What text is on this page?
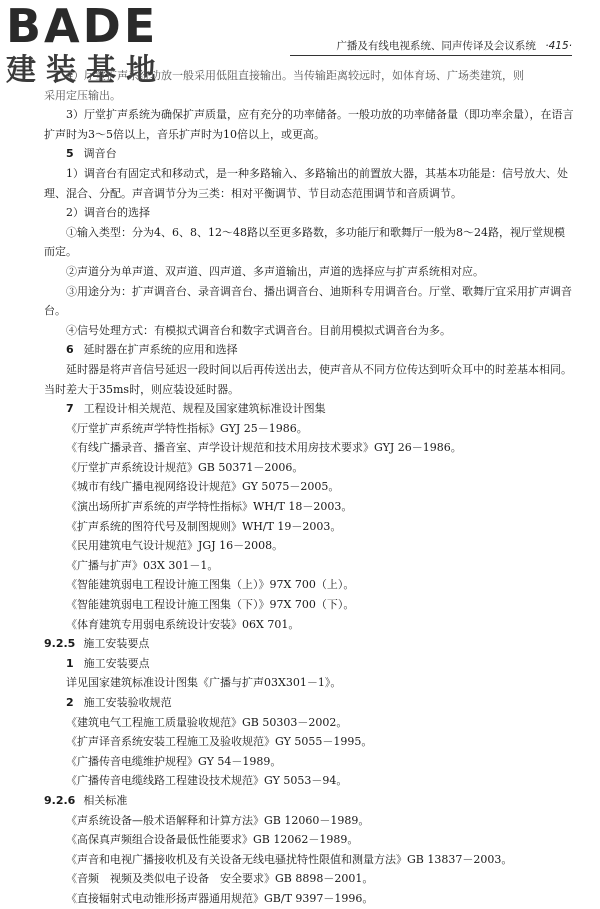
BADE
建装基地
广播及有线电视系统、同声传译及会议系统 ·415·

4）厅堂扩声系统功放一般采用低阻直接输出。当传输距离较远时，如体育场、广场类建筑，则

采用定压输出。

3）厅堂扩声系统为确保扩声质量，应有充分的功率储备。一般功放的功率储备量（即功率余量），在语言扩声时为3～5倍以上，音乐扩声时为10倍以上，或更高。

5 调音台

1）调音台有固定式和移动式，是一种多路输入、多路输出的前置放大器，其基本功能是：信号放大、处理、混合、分配。声音调节分为三类：相对平衡调节、节目动态范围调节和音质调节。

2）调音台的选择

①输入类型：分为4、6、8、12～48路以至更多路数，多功能厅和歌舞厅一般为8～24路，视厅堂规模而定。

②声道分为单声道、双声道、四声道、多声道输出，声道的选择应与扩声系统相对应。

③用途分为：扩声调音台、录音调音台、播出调音台、迪斯科专用调音台。厅堂、歌舞厅宜采用扩声调音台。

④信号处理方式：有模拟式调音台和数字式调音台。目前用模拟式调音台为多。

6 延时器在扩声系统的应用和选择

延时器是将声音信号延迟一段时间以后再传送出去，使声音从不同方位传达到听众耳中的时差基本相同。当时差大于35ms时，则应装设延时器。

7 工程设计相关规范、规程及国家建筑标准设计图集

《厅堂扩声系统声学特性指标》GYJ 25－1986。

《有线广播录音、播音室、声学设计规范和技术用房技术要求》GYJ 26－1986。

《厅堂扩声系统设计规范》GB 50371－2006。

《城市有线广播电视网络设计规范》GY 5075－2005。

《演出场所扩声系统的声学特性指标》WH/T 18－2003。

《扩声系统的图符代号及制图规则》WH/T 19－2003。

《民用建筑电气设计规范》JGJ 16－2008。

《广播与扩声》03X 301－1。

《智能建筑弱电工程设计施工图集（上）》97X 700（上）。

《智能建筑弱电工程设计施工图集（下）》97X 700（下）。

《体育建筑专用弱电系统设计安装》06X 701。

9.2.5 施工安装要点

1 施工安装要点

详见国家建筑标准设计图集《广播与扩声03X301－1》。

2 施工安装验收规范

《建筑电气工程施工质量验收规范》GB 50303－2002。

《扩声译音系统安装工程施工及验收规范》GY 5055－1995。

《广播传音电缆维护规程》GY 54－1989。

《广播传音电缆线路工程建设技术规范》GY 5053－94。

9.2.6 相关标准

《声系统设备—般术语解释和计算方法》GB 12060－1989。

《高保真声频组合设备最低性能要求》GB 12062－1989。

《声音和电视广播接收机及有关设备无线电骚扰特性限值和测量方法》GB 13837－2003。

《音频　视频及类似电子设备　安全要求》GB 8898－2001。

《直接辐射式电动锥形扬声器通用规范》GB/T 9397－1996。
